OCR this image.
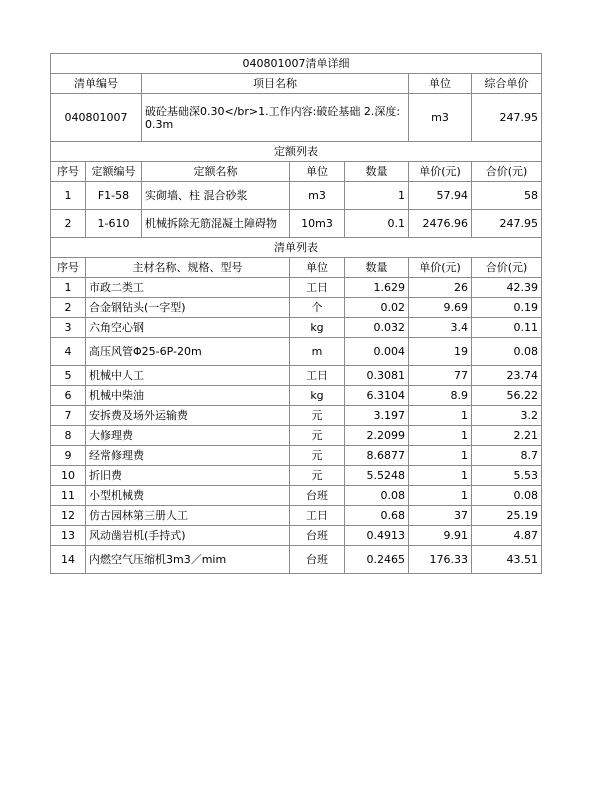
040801007清单详细						
清单编号		项目名称			单位	综合单价
040801007		破砼基础深0.30</br>1.工作内容:破砼基础 2.深度:0.3m			m3	247.95
定额列表						
序号	定额编号	定额名称	单位	数量	单价(元)	合价(元)
1	F1-58	实砌墙、柱 混合砂浆	m3	1	57.94	58
2	1-610	机械拆除无筋混凝土障碍物	10m3	0.1	2476.96	247.95
清单列表						
序号	主材名称、规格、型号		单位	数量	单价(元)	合价(元)
1	市政二类工		工日	1.629	26	42.39
2	合金钢钻头(一字型)		个	0.02	9.69	0.19
3	六角空心钢		kg	0.032	3.4	0.11
4	高压风管Φ25-6P-20m		m	0.004	19	0.08
5	机械中人工		工日	0.3081	77	23.74
6	机械中柴油		kg	6.3104	8.9	56.22
7	安拆费及场外运输费		元	3.197	1	3.2
8	大修理费		元	2.2099	1	2.21
9	经常修理费		元	8.6877	1	8.7
10	折旧费		元	5.5248	1	5.53
11	小型机械费		台班	0.08	1	0.08
12	仿古园林第三册人工		工日	0.68	37	25.19
13	风动凿岩机(手持式)		台班	0.4913	9.91	4.87
14	内燃空气压缩机3m3／mim		台班	0.2465	176.33	43.51
